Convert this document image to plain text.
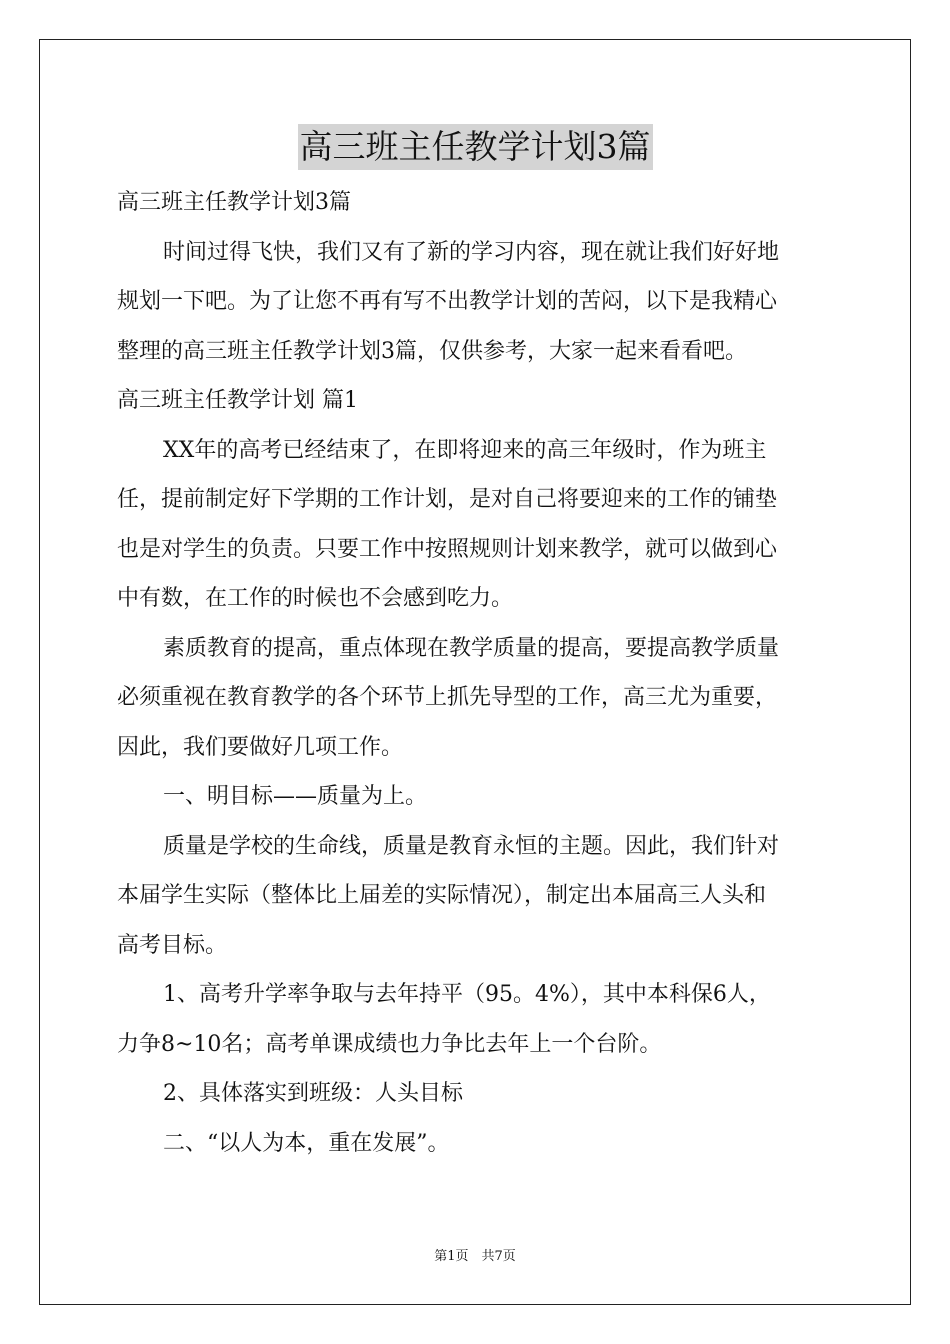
高三班主任教学计划3篇

高三班主任教学计划3篇

时间过得飞快，我们又有了新的学习内容，现在就让我们好好地

规划一下吧。为了让您不再有写不出教学计划的苦闷，以下是我精心

整理的高三班主任教学计划3篇，仅供参考，大家一起来看看吧。

高三班主任教学计划 篇1

XX年的高考已经结束了，在即将迎来的高三年级时，作为班主

任，提前制定好下学期的工作计划，是对自己将要迎来的工作的铺垫

也是对学生的负责。只要工作中按照规则计划来教学，就可以做到心

中有数，在工作的时候也不会感到吃力。

素质教育的提高，重点体现在教学质量的提高，要提高教学质量

必须重视在教育教学的各个环节上抓先导型的工作，高三尤为重要，

因此，我们要做好几项工作。

一、明目标——质量为上。

质量是学校的生命线，质量是教育永恒的主题。因此，我们针对

本届学生实际（整体比上届差的实际情况），制定出本届高三人头和

高考目标。

1、高考升学率争取与去年持平（95。4%），其中本科保6人，

力争8~10名；高考单课成绩也力争比去年上一个台阶。

2、具体落实到班级：人头目标

二、“以人为本，重在发展”。

第1页　共7页
